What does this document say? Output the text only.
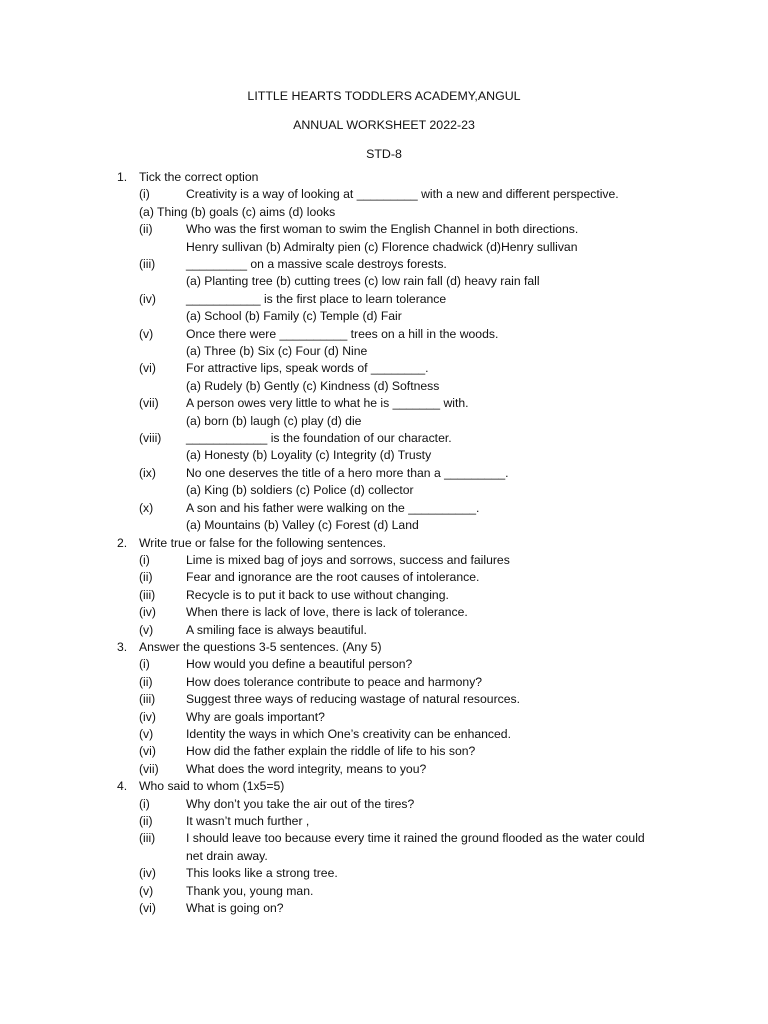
LITTLE HEARTS TODDLERS ACADEMY,ANGUL
ANNUAL WORKSHEET 2022-23
STD-8
1. Tick the correct option
(i)	Creativity is a way of looking at _________ with a new and different perspective.
(a) Thing (b) goals (c) aims (d) looks
(ii)	Who was the first woman to swim the English Channel in both directions.
Henry sullivan (b) Admiralty pien (c) Florence chadwick (d)Henry sullivan
(iii)	_________ on a massive scale destroys forests.
(a) Planting tree (b) cutting trees (c) low rain fall (d) heavy rain fall
(iv) ___________ is the first place to learn tolerance
(a) School (b) Family (c) Temple (d) Fair
(v)	Once there were __________ trees on a hill in the woods.
(a) Three (b) Six (c) Four (d) Nine
(vi) For attractive lips, speak words of ________.
(a) Rudely (b) Gently (c) Kindness (d) Softness
(vii) A person owes very little to what he is _______ with.
(a) born (b) laugh (c) play (d) die
(viii) ____________ is the foundation of our character.
(a) Honesty (b) Loyality (c) Integrity (d) Trusty
(ix) No one deserves the title of a hero more than a _________.
(a) King (b) soldiers (c) Police (d) collector
(x)	A son and his father were walking on the __________.
(a) Mountains (b) Valley (c) Forest (d) Land
2. Write true or false for the following sentences.
(i)	Lime is mixed bag of joys and sorrows, success and failures
(ii)	Fear and ignorance are the root causes of intolerance.
(iii)	Recycle is to put it back to use without changing.
(iv) When there is lack of love, there is lack of tolerance.
(v)	A smiling face is always beautiful.
3. Answer the questions 3-5 sentences. (Any 5)
(i)	How would you define a beautiful person?
(ii)	How does tolerance contribute to peace and harmony?
(iii)	Suggest three ways of reducing wastage of natural resources.
(iv) Why are goals important?
(v)	Identity the ways in which One’s creativity can be enhanced.
(vi) How did the father explain the riddle of life to his son?
(vii) What does the word integrity, means to you?
4. Who said to whom (1x5=5)
(i)	Why don’t you take the air out of the tires?
(ii)	It wasn’t much further ,
(iii)	I should leave too because every time it rained the ground flooded as the water could net drain away.
(iv) This looks like a strong tree.
(v)	Thank you, young man.
(vi) What is going on?
